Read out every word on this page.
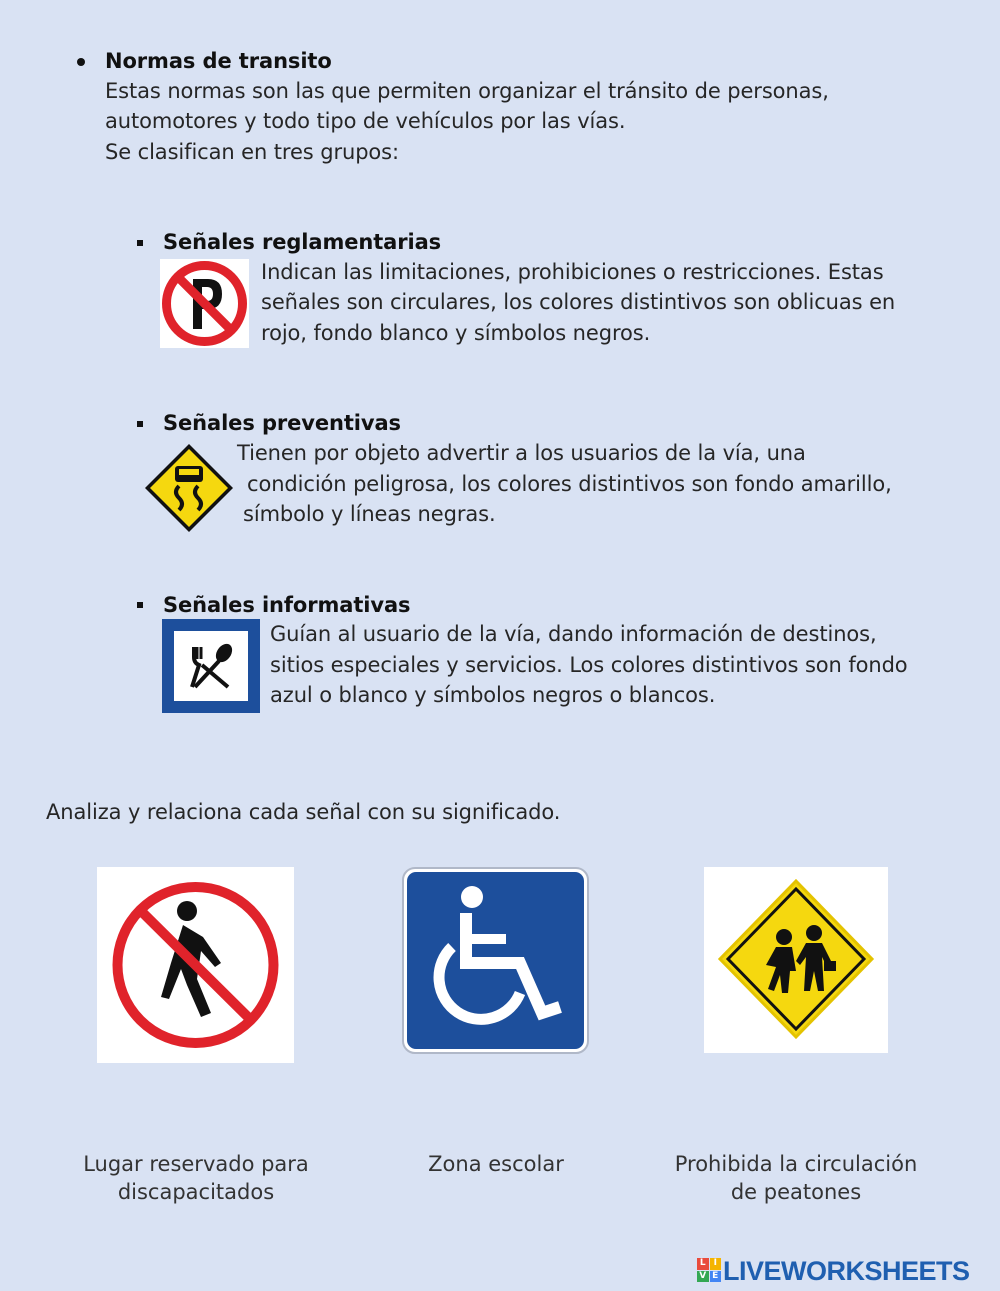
Normas de transito
Estas normas son las que permiten organizar el tránsito de personas,
automotores y todo tipo de vehículos por las vías.
Se clasifican en tres grupos:
Señales reglamentarias
Indican las limitaciones, prohibiciones o restricciones. Estas
señales son circulares, los colores distintivos son oblicuas en
rojo, fondo blanco y símbolos negros.
Señales preventivas
Tienen por objeto advertir a los usuarios de la vía, una
condición peligrosa, los colores distintivos son fondo amarillo,
símbolo y líneas negras.
Señales informativas
Guían al usuario de la vía, dando información de destinos,
sitios especiales y servicios. Los colores distintivos son fondo
azul o blanco y símbolos negros o blancos.
Analiza y relaciona cada señal con su significado.
Lugar reservado para
discapacitados
Zona escolar	Prohibida la circulación
de peatones
L I
V E LIVEWORKSHEETS
